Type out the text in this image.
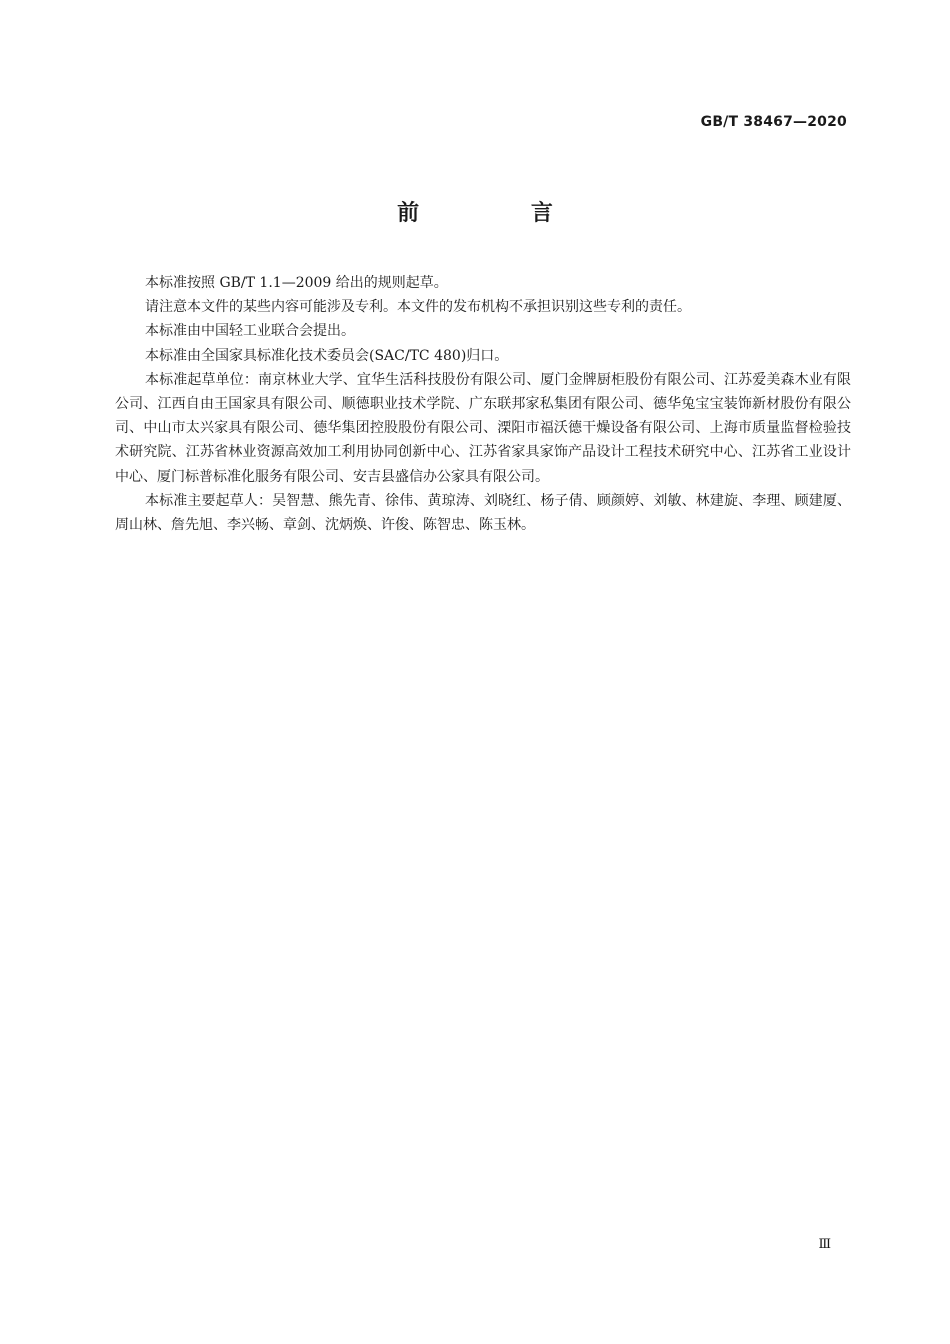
GB/T 38467—2020
前 言

本标准按照 GB/T 1.1—2009 给出的规则起草。

请注意本文件的某些内容可能涉及专利。本文件的发布机构不承担识别这些专利的责任。

本标准由中国轻工业联合会提出。

本标准由全国家具标准化技术委员会(SAC/TC 480)归口。

本标准起草单位：南京林业大学、宜华生活科技股份有限公司、厦门金牌厨柜股份有限公司、江苏爱美森木业有限公司、江西自由王国家具有限公司、顺德职业技术学院、广东联邦家私集团有限公司、德华兔宝宝装饰新材股份有限公司、中山市太兴家具有限公司、德华集团控股股份有限公司、溧阳市福沃德干燥设备有限公司、上海市质量监督检验技术研究院、江苏省林业资源高效加工利用协同创新中心、江苏省家具家饰产品设计工程技术研究中心、江苏省工业设计中心、厦门标普标准化服务有限公司、安吉县盛信办公家具有限公司。

本标准主要起草人：吴智慧、熊先青、徐伟、黄琼涛、刘晓红、杨子倩、顾颜婷、刘敏、林建旋、李理、顾建厦、周山林、詹先旭、李兴畅、章剑、沈炳焕、许俊、陈智忠、陈玉林。

Ⅲ
